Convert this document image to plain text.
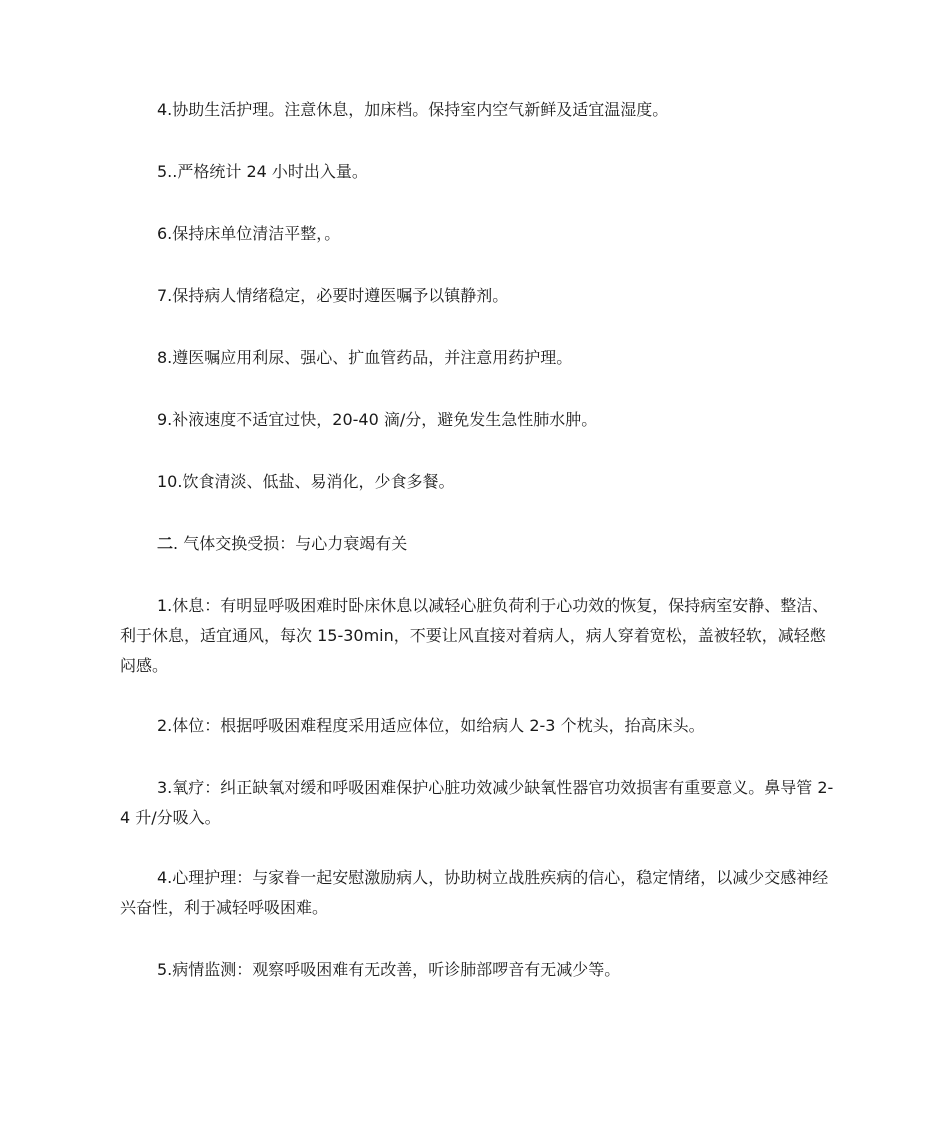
4.协助生活护理。注意休息，加床档。保持室内空气新鲜及适宜温湿度。

5..严格统计 24 小时出入量。

6.保持床单位清洁平整，。

7.保持病人情绪稳定，必要时遵医嘱予以镇静剂。

8.遵医嘱应用利尿、强心、扩血管药品，并注意用药护理。

9.补液速度不适宜过快，20-40 滴/分，避免发生急性肺水肿。

10.饮食清淡、低盐、易消化，少食多餐。

二. 气体交换受损：与心力衰竭有关

1.休息：有明显呼吸困难时卧床休息以减轻心脏负荷利于心功效的恢复，保持病室安静、整洁、利于休息，适宜通风，每次 15-30min，不要让风直接对着病人，病人穿着宽松，盖被轻软，减轻憋闷感。

2.体位：根据呼吸困难程度采用适应体位，如给病人 2-3 个枕头，抬高床头。

3.氧疗：纠正缺氧对缓和呼吸困难保护心脏功效减少缺氧性器官功效损害有重要意义。鼻导管 2-4 升/分吸入。

4.心理护理：与家眷一起安慰激励病人，协助树立战胜疾病的信心，稳定情绪，以减少交感神经兴奋性，利于减轻呼吸困难。

5.病情监测：观察呼吸困难有无改善，听诊肺部啰音有无减少等。
